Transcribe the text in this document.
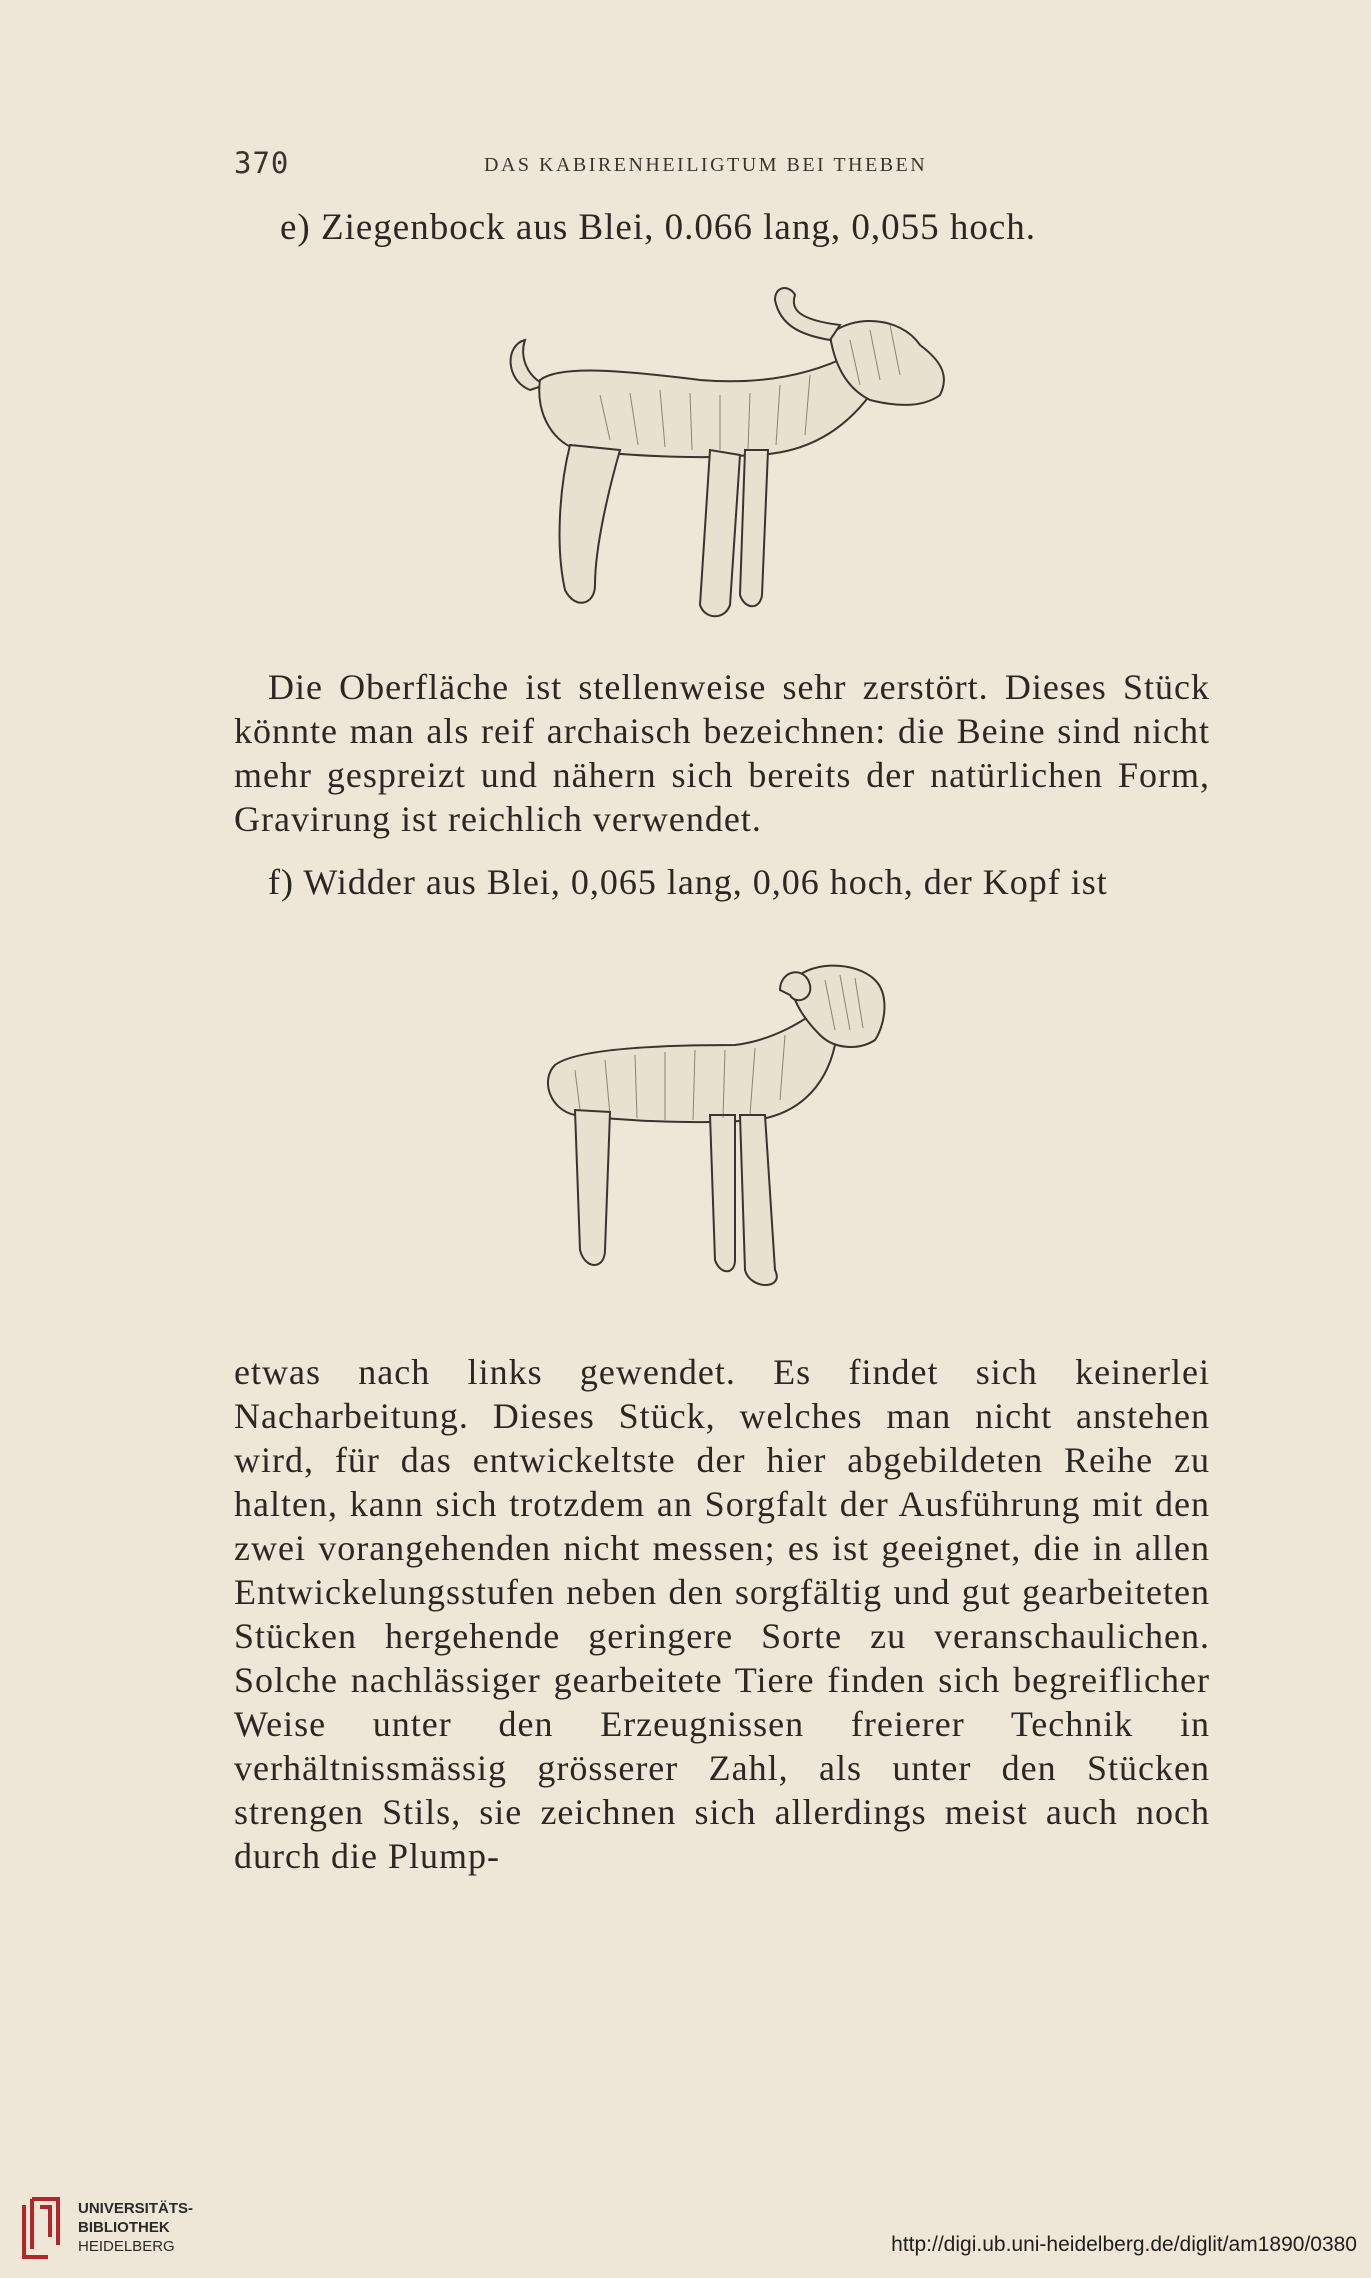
370	DAS KABIRENHEILIGTUM BEI THEBEN

e) Ziegenbock aus Blei, 0.066 lang, 0,055 hoch.

Die Oberfläche ist stellenweise sehr zerstört. Dieses Stück könnte man als reif archaisch bezeichnen: die Beine sind nicht mehr gespreizt und nähern sich bereits der natürlichen Form, Gravirung ist reichlich verwendet.

f) Widder aus Blei, 0,065 lang, 0,06 hoch, der Kopf ist

etwas nach links gewendet. Es findet sich keinerlei Nacharbeitung. Dieses Stück, welches man nicht anstehen wird, für das entwickeltste der hier abgebildeten Reihe zu halten, kann sich trotzdem an Sorgfalt der Ausführung mit den zwei vorangehenden nicht messen; es ist geeignet, die in allen Entwickelungsstufen neben den sorgfältig und gut gearbeiteten Stücken hergehende geringere Sorte zu veranschaulichen. Solche nachlässiger gearbeitete Tiere finden sich begreiflicher Weise unter den Erzeugnissen freierer Technik in verhältnissmässig grösserer Zahl, als unter den Stücken strengen Stils, sie zeichnen sich allerdings meist auch noch durch die Plump-

UNIVERSITÄTS-
BIBLIOTHEK
HEIDELBERG	http://digi.ub.uni-heidelberg.de/diglit/am1890/0380
